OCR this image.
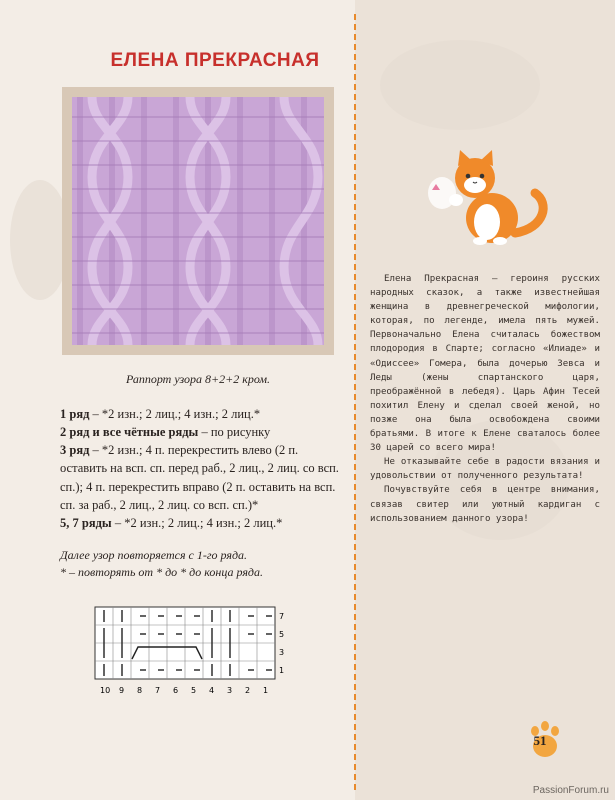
ЕЛЕНА ПРЕКРАСНАЯ
Раппорт узора 8+2+2 кром.

1 ряд – *2 изн.; 2 лиц.; 4 изн.; 2 лиц.*

2 ряд и все чётные ряды – по рисунку

3 ряд – *2 изн.; 4 п. перекрестить влево (2 п. оставить на всп. сп. перед раб., 2 лиц., 2 лиц. со всп. сп.); 4 п. перекрестить вправо (2 п. оставить на всп. сп. за раб., 2 лиц., 2 лиц. со всп. сп.)*

5, 7 ряды – *2 изн.; 2 лиц.; 4 изн.; 2 лиц.*

Далее узор повторяется с 1-го ряда.
* – повторять от * до * до конца ряда.
7
5
3
1
10 9 8 7 6 5 4 3 2 1

Елена Прекрасная – героиня русских народных сказок, а также известнейшая женщина в древнегреческой мифологии, которая, по легенде, имела пять мужей. Первоначально Елена считалась божеством плодородия в Спарте; согласно «Илиаде» и «Одиссее» Гомера, была дочерью Зевса и Леды (жены спартанского царя, преображённой в лебедя). Царь Афин Тесей похитил Елену и сделал своей женой, но позже она была освобождена своими братьями. В итоге к Елене сваталось более 30 царей со всего мира!

Не отказывайте себе в радости вязания и удовольствии от полученного результата!

Почувствуйте себя в центре внимания, связав свитер или уютный кардиган с использованием данного узора!

51
PassionForum.ru
